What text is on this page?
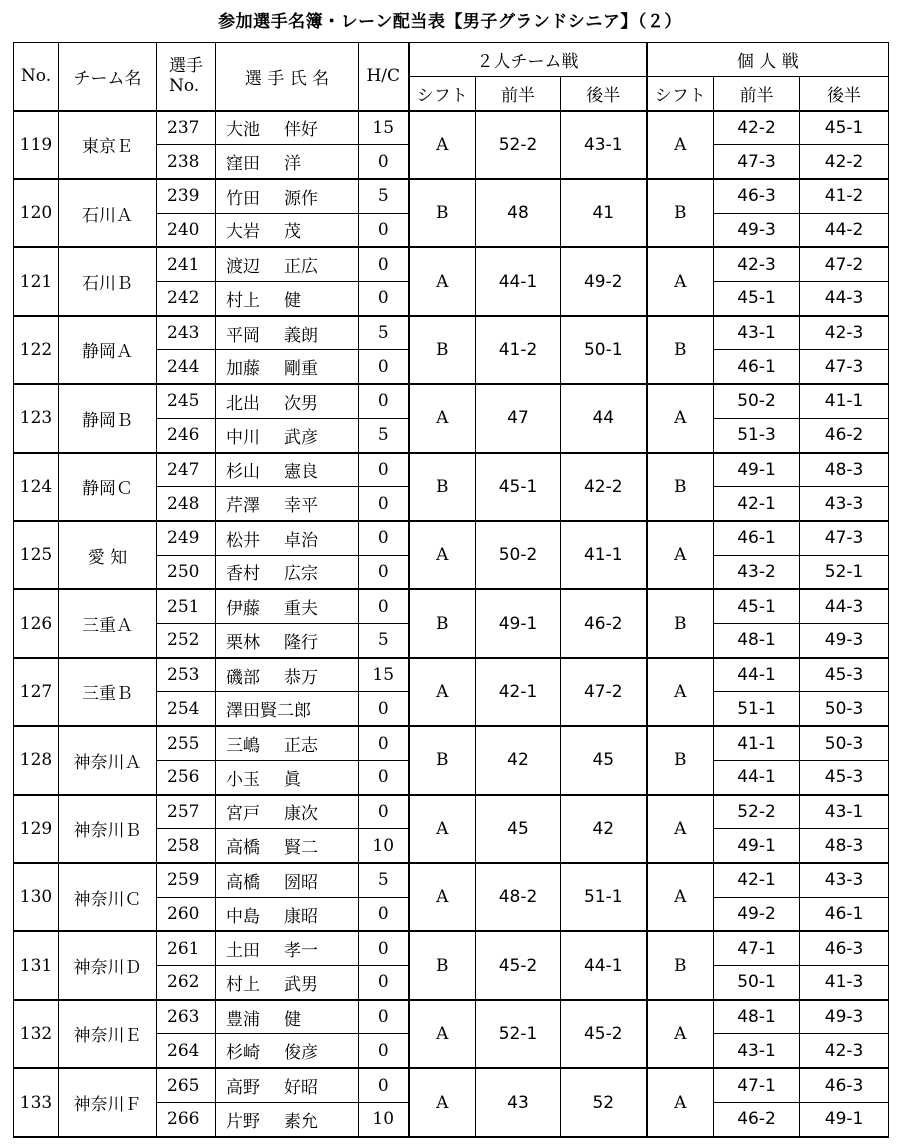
参加選手名簿・レーン配当表【男子グランドシニア】（２）
No.	チーム名	選手
No.	選 手 氏 名	H/C	２人チーム戦			個 人 戦		
					シフト	前半	後半	シフト	前半	後半
119	東京Ｅ	237	大池 伴好	15	A	52-2	43-1	A	42-2	45-1
		238	窪田 洋	0					47-3	42-2
120	石川Ａ	239	竹田 源作	5	B	48	41	B	46-3	41-2
		240	大岩 茂	0					49-3	44-2
121	石川Ｂ	241	渡辺 正広	0	A	44-1	49-2	A	42-3	47-2
		242	村上 健	0					45-1	44-3
122	静岡Ａ	243	平岡 義朗	5	B	41-2	50-1	B	43-1	42-3
		244	加藤 剛重	0					46-1	47-3
123	静岡Ｂ	245	北出 次男	0	A	47	44	A	50-2	41-1
		246	中川 武彦	5					51-3	46-2
124	静岡Ｃ	247	杉山 憲良	0	B	45-1	42-2	B	49-1	48-3
		248	芹澤 幸平	0					42-1	43-3
125	愛 知	249	松井 卓治	0	A	50-2	41-1	A	46-1	47-3
		250	香村 広宗	0					43-2	52-1
126	三重Ａ	251	伊藤 重夫	0	B	49-1	46-2	B	45-1	44-3
		252	栗林 隆行	5					48-1	49-3
127	三重Ｂ	253	磯部 恭万	15	A	42-1	47-2	A	44-1	45-3
		254	澤田賢二郎	0					51-1	50-3
128	神奈川Ａ	255	三嶋 正志	0	B	42	45	B	41-1	50-3
		256	小玉 眞	0					44-1	45-3
129	神奈川Ｂ	257	宮戸 康次	0	A	45	42	A	52-2	43-1
		258	高橋 賢二	10					49-1	48-3
130	神奈川Ｃ	259	高橋 圀昭	5	A	48-2	51-1	A	42-1	43-3
		260	中島 康昭	0					49-2	46-1
131	神奈川Ｄ	261	土田 孝一	0	B	45-2	44-1	B	47-1	46-3
		262	村上 武男	0					50-1	41-3
132	神奈川Ｅ	263	豊浦 健	0	A	52-1	45-2	A	48-1	49-3
		264	杉崎 俊彦	0					43-1	42-3
133	神奈川Ｆ	265	高野 好昭	0	A	43	52	A	47-1	46-3
		266	片野 素允	10					46-2	49-1
